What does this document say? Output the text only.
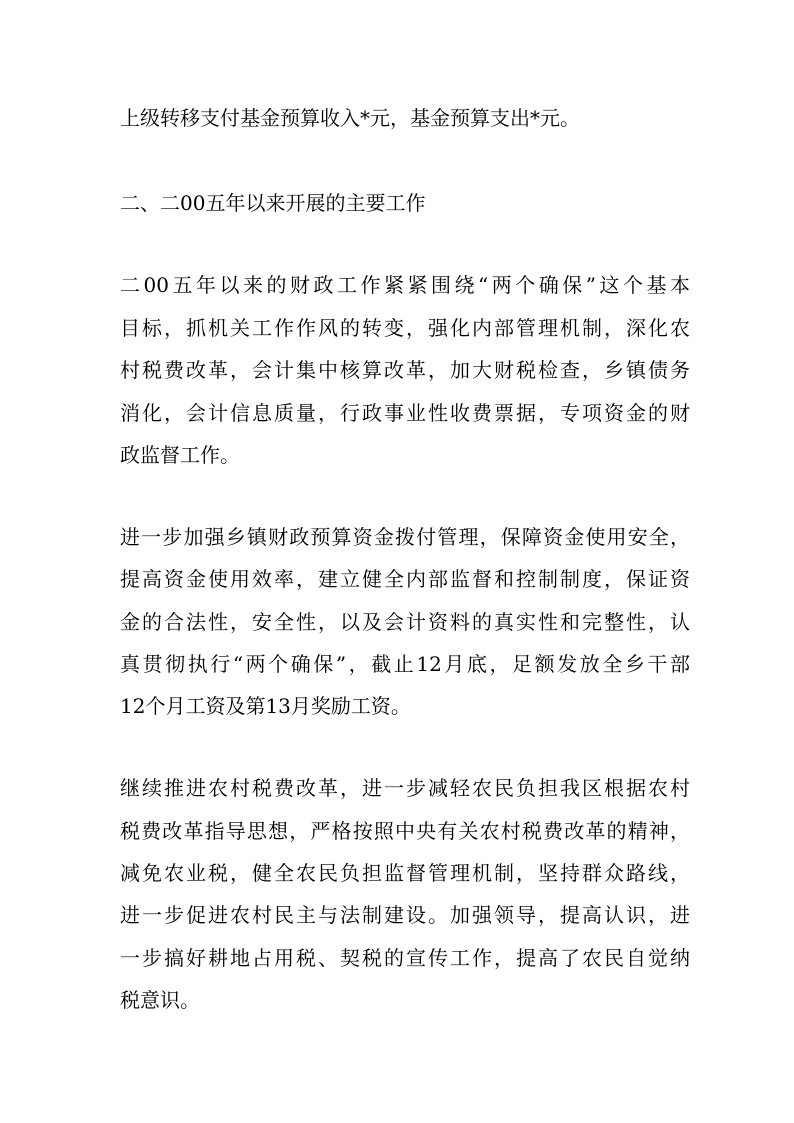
上级转移支付基金预算收入*元，基金预算支出*元。
二、二00五年以来开展的主要工作
二00五年以来的财政工作紧紧围绕“两个确保”这个基本
目标，抓机关工作作风的转变，强化内部管理机制，深化农
村税费改革，会计集中核算改革，加大财税检查，乡镇债务
消化，会计信息质量，行政事业性收费票据，专项资金的财
政监督工作。
进一步加强乡镇财政预算资金拨付管理，保障资金使用安全，
提高资金使用效率，建立健全内部监督和控制制度，保证资
金的合法性，安全性，以及会计资料的真实性和完整性，认
真贯彻执行“两个确保”，截止12月底，足额发放全乡干部
12个月工资及第13月奖励工资。
继续推进农村税费改革，进一步减轻农民负担我区根据农村
税费改革指导思想，严格按照中央有关农村税费改革的精神，
减免农业税，健全农民负担监督管理机制，坚持群众路线，
进一步促进农村民主与法制建设。加强领导，提高认识，进
一步搞好耕地占用税、契税的宣传工作，提高了农民自觉纳
税意识。
